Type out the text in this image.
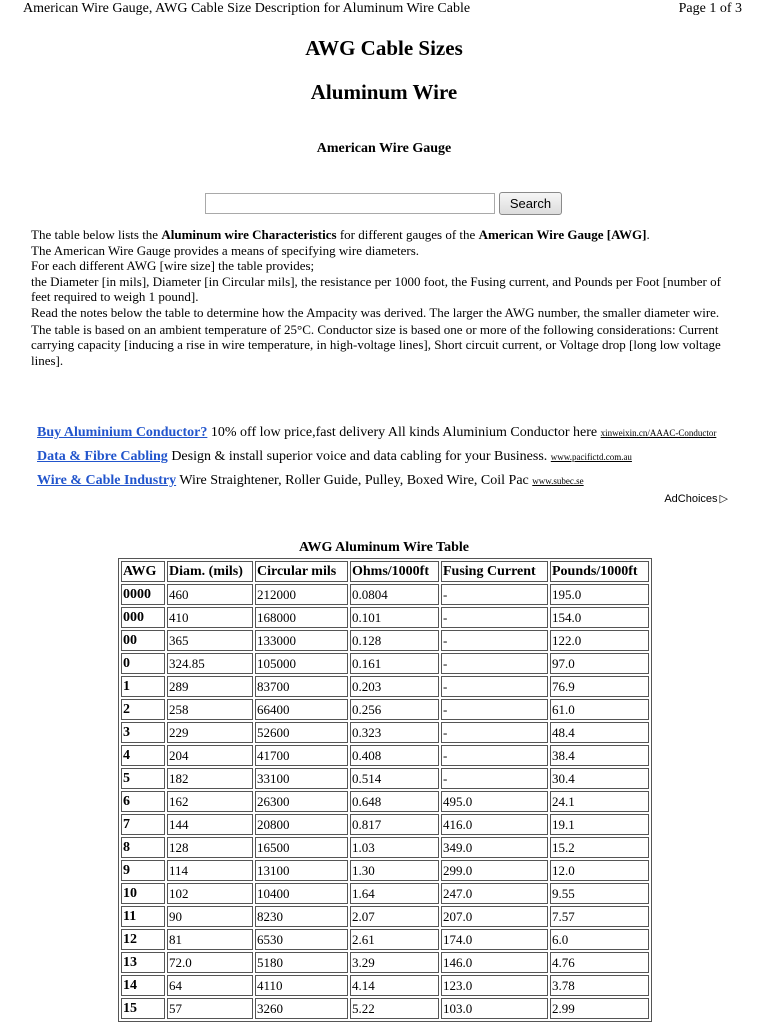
American Wire Gauge, AWG Cable Size Description for Aluminum Wire Cable	Page 1 of 3
AWG Cable Sizes
Aluminum Wire
American Wire Gauge
Search

The table below lists the Aluminum wire Characteristics for different gauges of the American Wire Gauge [AWG].

The American Wire Gauge provides a means of specifying wire diameters.

For each different AWG [wire size] the table provides;

the Diameter [in mils], Diameter [in Circular mils], the resistance per 1000 foot, the Fusing current, and Pounds per Foot [number of feet required to weigh 1 pound].

Read the notes below the table to determine how the Ampacity was derived. The larger the AWG number, the smaller diameter wire.

The table is based on an ambient temperature of 25°C. Conductor size is based one or more of the following considerations: Current carrying capacity [inducing a rise in wire temperature, in high-voltage lines], Short circuit current, or Voltage drop [long low voltage lines].

Buy Aluminium Conductor? 10% off low price,fast delivery All kinds Aluminium Conductor here xinweixin.cn/AAAC-Conductor
Data & Fibre Cabling Design & install superior voice and data cabling for your Business. www.pacifictd.com.au
Wire & Cable Industry Wire Straightener, Roller Guide, Pulley, Boxed Wire, Coil Pac www.subec.se
AdChoices ▷
AWG Aluminum Wire Table
AWG	Diam. (mils)	Circular mils	Ohms/1000ft	Fusing Current	Pounds/1000ft
0000	460	212000	0.0804	-	195.0
000	410	168000	0.101	-	154.0
00	365	133000	0.128	-	122.0
0	324.85	105000	0.161	-	97.0
1	289	83700	0.203	-	76.9
2	258	66400	0.256	-	61.0
3	229	52600	0.323	-	48.4
4	204	41700	0.408	-	38.4
5	182	33100	0.514	-	30.4
6	162	26300	0.648	495.0	24.1
7	144	20800	0.817	416.0	19.1
8	128	16500	1.03	349.0	15.2
9	114	13100	1.30	299.0	12.0
10	102	10400	1.64	247.0	9.55
11	90	8230	2.07	207.0	7.57
12	81	6530	2.61	174.0	6.0
13	72.0	5180	3.29	146.0	4.76
14	64	4110	4.14	123.0	3.78
15	57	3260	5.22	103.0	2.99
